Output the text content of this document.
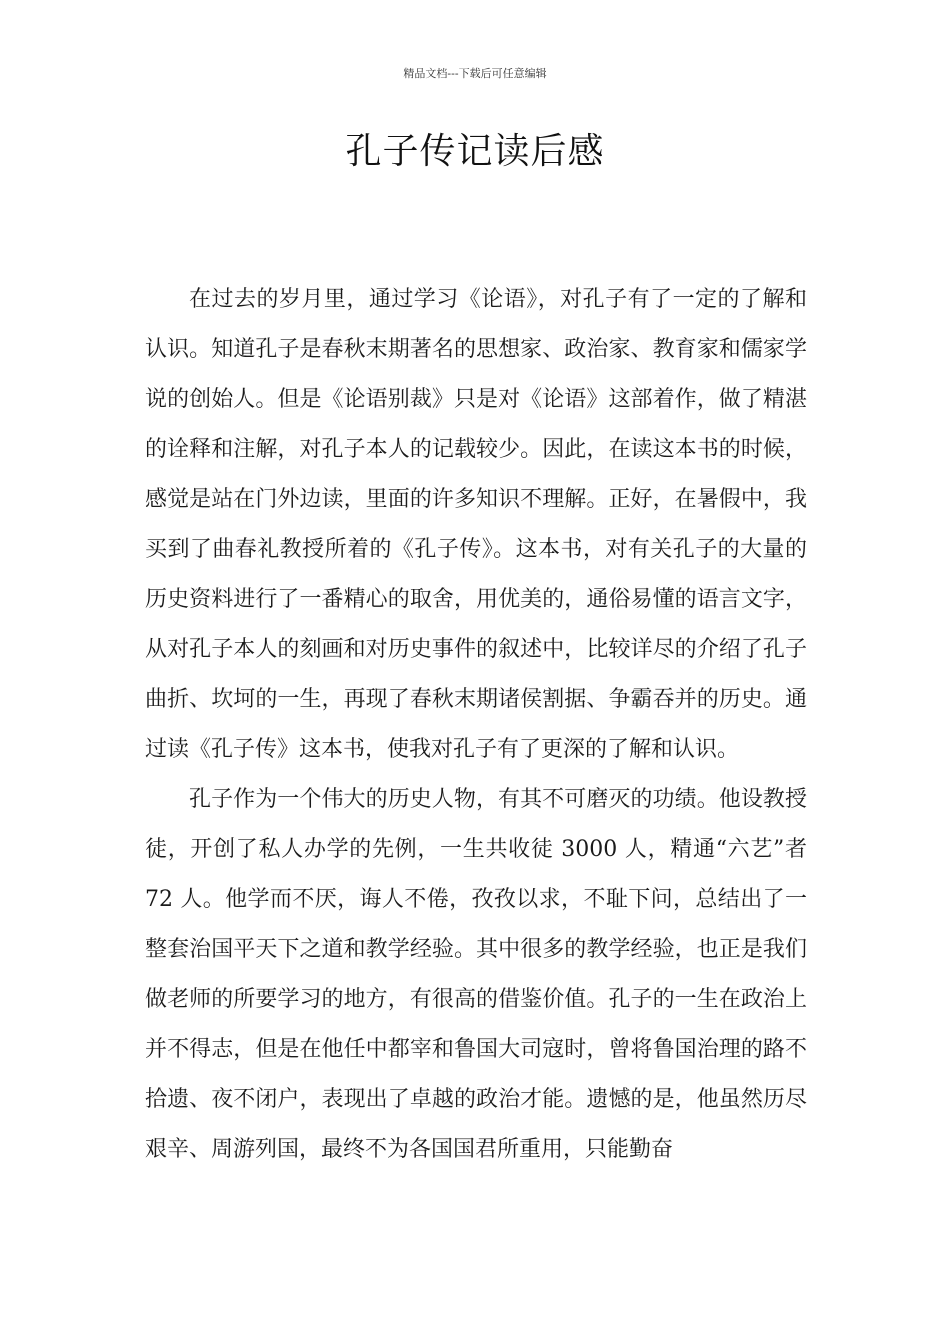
精品文档---下载后可任意编辑
孔子传记读后感

在过去的岁月里，通过学习《论语》，对孔子有了一定的了解和认识。知道孔子是春秋末期著名的思想家、政治家、教育家和儒家学说的创始人。但是《论语别裁》只是对《论语》这部着作，做了精湛的诠释和注解，对孔子本人的记载较少。因此，在读这本书的时候，感觉是站在门外边读，里面的许多知识不理解。正好，在暑假中，我买到了曲春礼教授所着的《孔子传》。这本书，对有关孔子的大量的历史资料进行了一番精心的取舍，用优美的，通俗易懂的语言文字，从对孔子本人的刻画和对历史事件的叙述中，比较详尽的介绍了孔子曲折、坎坷的一生，再现了春秋末期诸侯割据、争霸吞并的历史。通过读《孔子传》这本书，使我对孔子有了更深的了解和认识。

孔子作为一个伟大的历史人物，有其不可磨灭的功绩。他设教授徒，开创了私人办学的先例，一生共收徒 3000 人，精通“六艺”者 72 人。他学而不厌，诲人不倦，孜孜以求，不耻下问，总结出了一整套治国平天下之道和教学经验。其中很多的教学经验，也正是我们做老师的所要学习的地方，有很高的借鉴价值。孔子的一生在政治上并不得志，但是在他任中都宰和鲁国大司寇时，曾将鲁国治理的路不拾遗、夜不闭户，表现出了卓越的政治才能。遗憾的是，他虽然历尽艰辛、周游列国，最终不为各国国君所重用，只能勤奋
